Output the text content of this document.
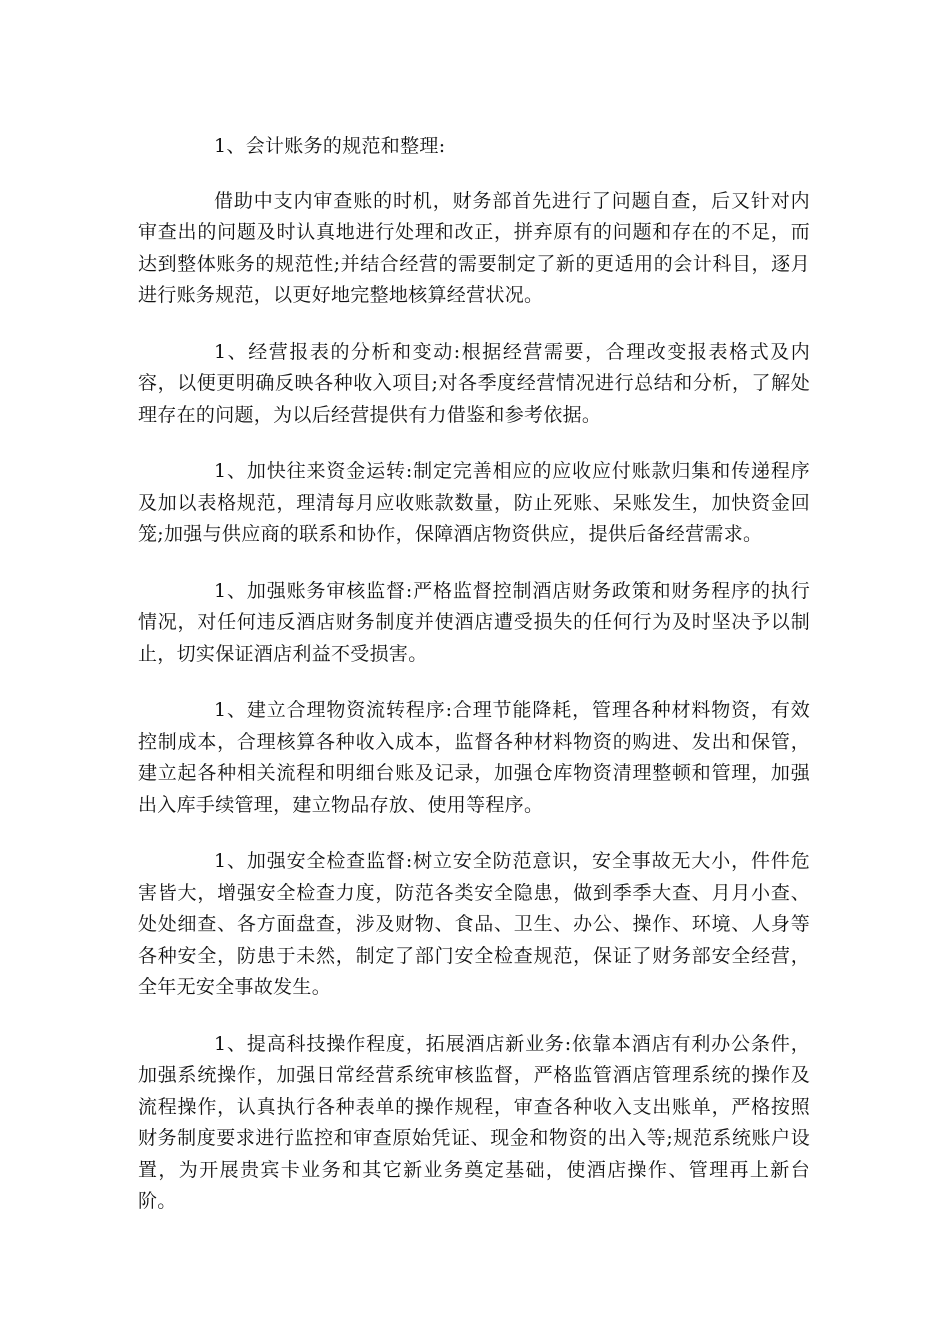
1、会计账务的规范和整理:

借助中支内审查账的时机，财务部首先进行了问题自查，后又针对内审查出的问题及时认真地进行处理和改正，拼弃原有的问题和存在的不足，而达到整体账务的规范性;并结合经营的需要制定了新的更适用的会计科目，逐月进行账务规范，以更好地完整地核算经营状况。

1、经营报表的分析和变动:根据经营需要，合理改变报表格式及内容，以便更明确反映各种收入项目;对各季度经营情况进行总结和分析，了解处理存在的问题，为以后经营提供有力借鉴和参考依据。

1、加快往来资金运转:制定完善相应的应收应付账款归集和传递程序及加以表格规范，理清每月应收账款数量，防止死账、呆账发生，加快资金回笼;加强与供应商的联系和协作，保障酒店物资供应，提供后备经营需求。

1、加强账务审核监督:严格监督控制酒店财务政策和财务程序的执行情况，对任何违反酒店财务制度并使酒店遭受损失的任何行为及时坚决予以制止，切实保证酒店利益不受损害。

1、建立合理物资流转程序:合理节能降耗，管理各种材料物资，有效控制成本，合理核算各种收入成本，监督各种材料物资的购进、发出和保管，建立起各种相关流程和明细台账及记录，加强仓库物资清理整顿和管理，加强出入库手续管理，建立物品存放、使用等程序。

1、加强安全检查监督:树立安全防范意识，安全事故无大小，件件危害皆大，增强安全检查力度，防范各类安全隐患，做到季季大查、月月小查、处处细查、各方面盘查，涉及财物、食品、卫生、办公、操作、环境、人身等各种安全，防患于未然，制定了部门安全检查规范，保证了财务部安全经营，全年无安全事故发生。

1、提高科技操作程度，拓展酒店新业务:依靠本酒店有利办公条件，加强系统操作，加强日常经营系统审核监督，严格监管酒店管理系统的操作及流程操作，认真执行各种表单的操作规程，审查各种收入支出账单，严格按照财务制度要求进行监控和审查原始凭证、现金和物资的出入等;规范系统账户设置，为开展贵宾卡业务和其它新业务奠定基础，使酒店操作、管理再上新台阶。
